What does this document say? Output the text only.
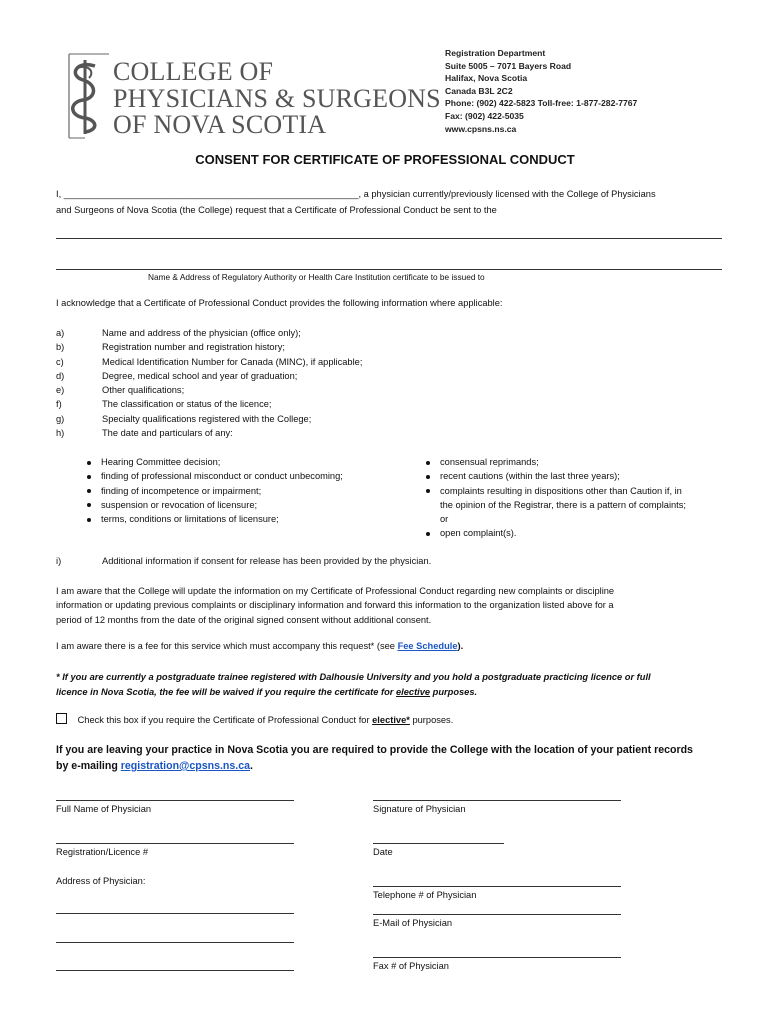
COLLEGE OF
PHYSICIANS & SURGEONS
OF NOVA SCOTIA
Registration Department
Suite 5005 – 7071 Bayers Road
Halifax, Nova Scotia
Canada B3L 2C2
Phone: (902) 422-5823 Toll-free: 1-877-282-7767
Fax: (902) 422-5035
www.cpsns.ns.ca
CONSENT FOR CERTIFICATE OF PROFESSIONAL CONDUCT
I, _________________________________________________________, a physician currently/previously licensed with the College of Physicians
and Surgeons of Nova Scotia (the College) request that a Certificate of Professional Conduct be sent to the
Name & Address of Regulatory Authority or Health Care Institution certificate to be issued to
I acknowledge that a Certificate of Professional Conduct provides the following information where applicable:
a)	Name and address of the physician (office only);
b)	Registration number and registration history;
c)	Medical Identification Number for Canada (MINC), if applicable;
d)	Degree, medical school and year of graduation;
e)	Other qualifications;
f)	The classification or status of the licence;
g)	Specialty qualifications registered with the College;
h)	The date and particulars of any:
Hearing Committee decision;
finding of professional misconduct or conduct unbecoming;
finding of incompetence or impairment;
suspension or revocation of licensure;
terms, conditions or limitations of licensure;
consensual reprimands;
recent cautions (within the last three years);
complaints resulting in dispositions other than Caution if, in
the opinion of the Registrar, there is a pattern of complaints;
or
open complaint(s).
i)	Additional information if consent for release has been provided by the physician.
I am aware that the College will update the information on my Certificate of Professional Conduct regarding new complaints or discipline
information or updating previous complaints or disciplinary information and forward this information to the organization listed above for a
period of 12 months from the date of the original signed consent without additional consent.
I am aware there is a fee for this service which must accompany this request* (see Fee Schedule).
* If you are currently a postgraduate trainee registered with Dalhousie University and you hold a postgraduate practicing licence or full
licence in Nova Scotia, the fee will be waived if you require the certificate for elective purposes.
Check this box if you require the Certificate of Professional Conduct for elective* purposes.
If you are leaving your practice in Nova Scotia you are required to provide the College with the location of your patient records
by e-mailing registration@cpsns.ns.ca.
Full Name of Physician	Signature of Physician
Registration/Licence #	Date
Address of Physician:
Telephone # of Physician
E-Mail of Physician
Fax # of Physician
